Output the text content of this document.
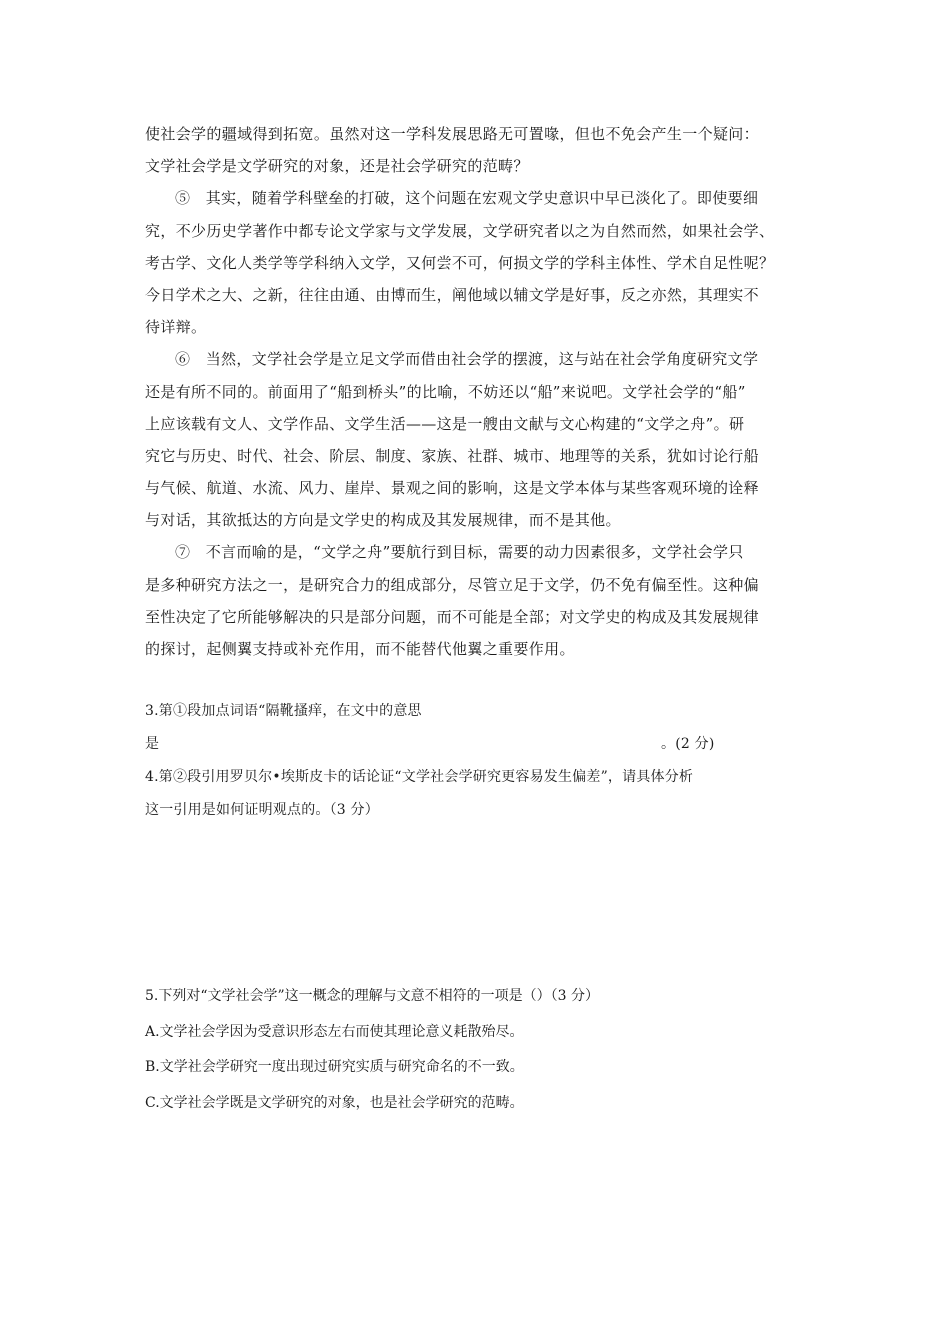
使社会学的疆域得到拓宽。虽然对这一学科发展思路无可置喙，但也不免会产生一个疑问：
文学社会学是文学研究的对象，还是社会学研究的范畴？
⑤　其实，随着学科壁垒的打破，这个问题在宏观文学史意识中早已淡化了。即使要细
究，不少历史学著作中都专论文学家与文学发展，文学研究者以之为自然而然，如果社会学、
考古学、文化人类学等学科纳入文学，又何尝不可，何损文学的学科主体性、学术自足性呢？
今日学术之大、之新，往往由通、由博而生，阐他域以辅文学是好事，反之亦然，其理实不
待详辩。
⑥　当然，文学社会学是立足文学而借由社会学的摆渡，这与站在社会学角度研究文学
还是有所不同的。前面用了“船到桥头”的比喻，不妨还以“船”来说吧。文学社会学的“船”
上应该载有文人、文学作品、文学生活——这是一艘由文献与文心构建的“文学之舟”。研
究它与历史、时代、社会、阶层、制度、家族、社群、城市、地理等的关系，犹如讨论行船
与气候、航道、水流、风力、崖岸、景观之间的影响，这是文学本体与某些客观环境的诠释
与对话，其欲抵达的方向是文学史的构成及其发展规律，而不是其他。
⑦　不言而喻的是，“文学之舟”要航行到目标，需要的动力因素很多，文学社会学只
是多种研究方法之一，是研究合力的组成部分，尽管立足于文学，仍不免有偏至性。这种偏
至性决定了它所能够解决的只是部分问题，而不可能是全部；对文学史的构成及其发展规律
的探讨，起侧翼支持或补充作用，而不能替代他翼之重要作用。
3.第①段加点词语“隔靴搔痒，在文中的意思
是	。(2 分)
4.第②段引用罗贝尔•埃斯皮卡的话论证“文学社会学研究更容易发生偏差”，请具体分析
这一引用是如何证明观点的。（3 分）
5.下列对“文学社会学”这一概念的理解与文意不相符的一项是（）（3 分）
A.文学社会学因为受意识形态左右而使其理论意义耗散殆尽。
B.文学社会学研究一度出现过研究实质与研究命名的不一致。
C.文学社会学既是文学研究的对象，也是社会学研究的范畴。
